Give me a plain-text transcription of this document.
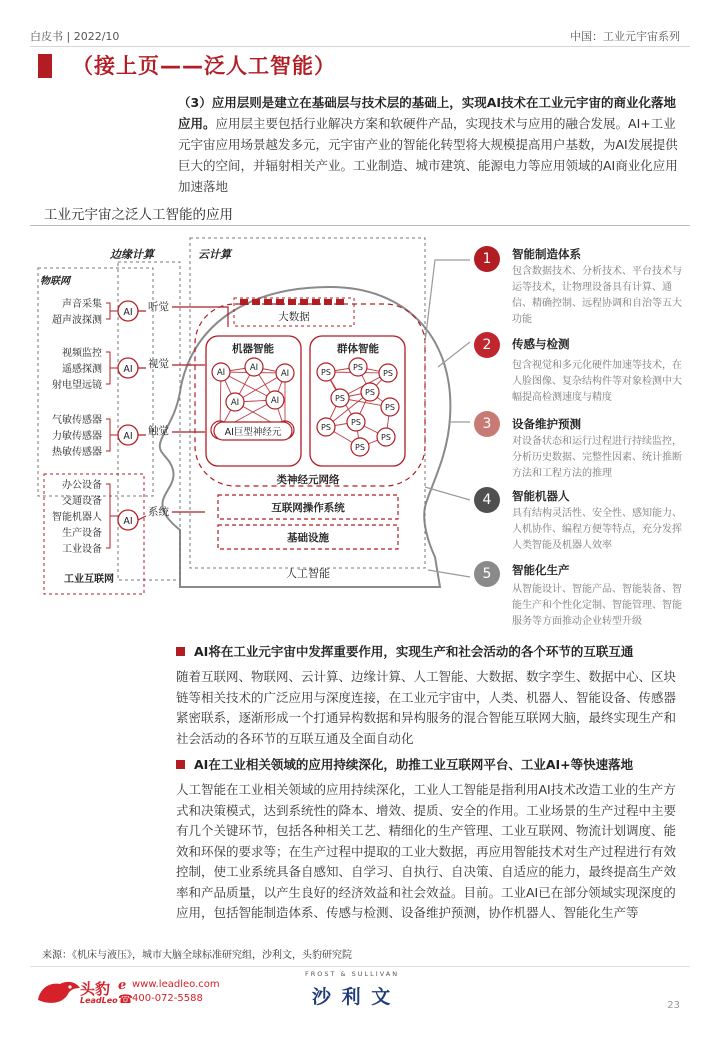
白皮书 | 2022/10	中国：工业元宇宙系列
（接上页——泛人工智能）
（3）应用层则是建立在基础层与技术层的基础上，实现AI技术在工业元宇宙的商业化落地应用。应用层主要包括行业解决方案和软硬件产品，实现技术与应用的融合发展。AI+工业元宇宙应用场景越发多元，元宇宙产业的智能化转型将大规模提高用户基数，为AI发展提供巨大的空间，并辐射相关产业。工业制造、城市建筑、能源电力等应用领域的AI商业化应用加速落地
工业元宇宙之泛人工智能的应用
边缘计算	云计算
物联网
工业互联网
声音采集
超声波探测
视频监控
遥感探测
射电望远镜
气敏传感器
力敏传感器
热敏传感器
办公设备
交通设备
智能机器人
生产设备
工业设备
AI
AI
AI
AI
听觉
视觉
触觉
系统
大数据
机器智能	群体智能
AI	AI
AI
AI	AI
AI巨型神经元
PS
PS
PS
PS
PS
PS
PS
PS
PS
PS
类神经元网络
互联网操作系统
基础设施
人工智能
1	智能制造体系
包含数据技术、分析技术、平台技术与运等技术，让物理设备具有计算、通信、精确控制、远程协调和自治等五大功能
2	传感与检测
包含视觉和多元化硬件加速等技术，在人脸图像、复杂结构件等对象检测中大幅提高检测速度与精度
3	设备维护预测
对设备状态和运行过程进行持续监控，分析历史数据、完整性因素、统计推断方法和工程方法的推理
4	智能机器人
具有结构灵活性、安全性、感知能力、人机协作、编程方便等特点，充分发挥人类智能及机器人效率
5	智能化生产
从智能设计、智能产品、智能装备、智能生产和个性化定制、智能管理、智能服务等方面推动企业转型升级
AI将在工业元宇宙中发挥重要作用，实现生产和社会活动的各个环节的互联互通
随着互联网、物联网、云计算、边缘计算、人工智能、大数据、数字孪生、数据中心、区块链等相关技术的广泛应用与深度连接，在工业元宇宙中，人类、机器人、智能设备、传感器紧密联系，逐渐形成一个打通异构数据和异构服务的混合智能互联网大脑，最终实现生产和社会活动的各环节的互联互通及全面自动化
AI在工业相关领域的应用持续深化，助推工业互联网平台、工业AI+等快速落地
人工智能在工业相关领域的应用持续深化，工业人工智能是指利用AI技术改造工业的生产方式和决策模式，达到系统性的降本、增效、提质、安全的作用。工业场景的生产过程中主要有几个关键环节，包括各种相关工艺、精细化的生产管理、工业互联网、物流计划调度、能效和环保的要求等；在生产过程中提取的工业大数据，再应用智能技术对生产过程进行有效控制，使工业系统具备自感知、自学习、自执行、自决策、自适应的能力，最终提高生产效率和产品质量，以产生良好的经济效益和社会效益。目前。工业AI已在部分领域实现深度的应用，包括智能制造体系、传感与检测、设备维护预测，协作机器人、智能化生产等
来源：《机床与液压》，城市大脑全球标准研究组，沙利文，头豹研究院
头豹
LeadLeo
ℯ www.leadleo.com
☎ 400-072-5588
FROST & SULLIVAN
沙 利 文	23
